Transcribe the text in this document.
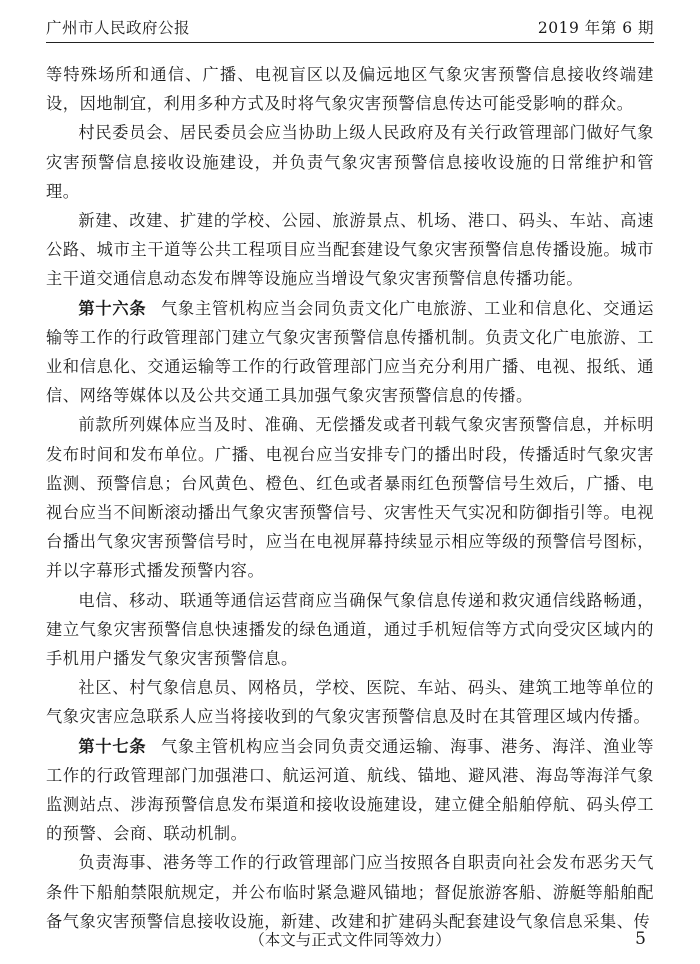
广州市人民政府公报	2019 年第 6 期

等特殊场所和通信、广播、电视盲区以及偏远地区气象灾害预警信息接收终端建设，因地制宜，利用多种方式及时将气象灾害预警信息传达可能受影响的群众。

村民委员会、居民委员会应当协助上级人民政府及有关行政管理部门做好气象灾害预警信息接收设施建设，并负责气象灾害预警信息接收设施的日常维护和管理。

新建、改建、扩建的学校、公园、旅游景点、机场、港口、码头、车站、高速公路、城市主干道等公共工程项目应当配套建设气象灾害预警信息传播设施。城市主干道交通信息动态发布牌等设施应当增设气象灾害预警信息传播功能。

第十六条 气象主管机构应当会同负责文化广电旅游、工业和信息化、交通运输等工作的行政管理部门建立气象灾害预警信息传播机制。负责文化广电旅游、工业和信息化、交通运输等工作的行政管理部门应当充分利用广播、电视、报纸、通信、网络等媒体以及公共交通工具加强气象灾害预警信息的传播。

前款所列媒体应当及时、准确、无偿播发或者刊载气象灾害预警信息，并标明发布时间和发布单位。广播、电视台应当安排专门的播出时段，传播适时气象灾害监测、预警信息；台风黄色、橙色、红色或者暴雨红色预警信号生效后，广播、电视台应当不间断滚动播出气象灾害预警信号、灾害性天气实况和防御指引等。电视台播出气象灾害预警信号时，应当在电视屏幕持续显示相应等级的预警信号图标，并以字幕形式播发预警内容。

电信、移动、联通等通信运营商应当确保气象信息传递和救灾通信线路畅通，建立气象灾害预警信息快速播发的绿色通道，通过手机短信等方式向受灾区域内的手机用户播发气象灾害预警信息。

社区、村气象信息员、网格员，学校、医院、车站、码头、建筑工地等单位的气象灾害应急联系人应当将接收到的气象灾害预警信息及时在其管理区域内传播。

第十七条 气象主管机构应当会同负责交通运输、海事、港务、海洋、渔业等工作的行政管理部门加强港口、航运河道、航线、锚地、避风港、海岛等海洋气象监测站点、涉海预警信息发布渠道和接收设施建设，建立健全船舶停航、码头停工的预警、会商、联动机制。

负责海事、港务等工作的行政管理部门应当按照各自职责向社会发布恶劣天气条件下船舶禁限航规定，并公布临时紧急避风锚地；督促旅游客船、游艇等船舶配备气象灾害预警信息接收设施，新建、改建和扩建码头配套建设气象信息采集、传

（本文与正式文件同等效力）	5
